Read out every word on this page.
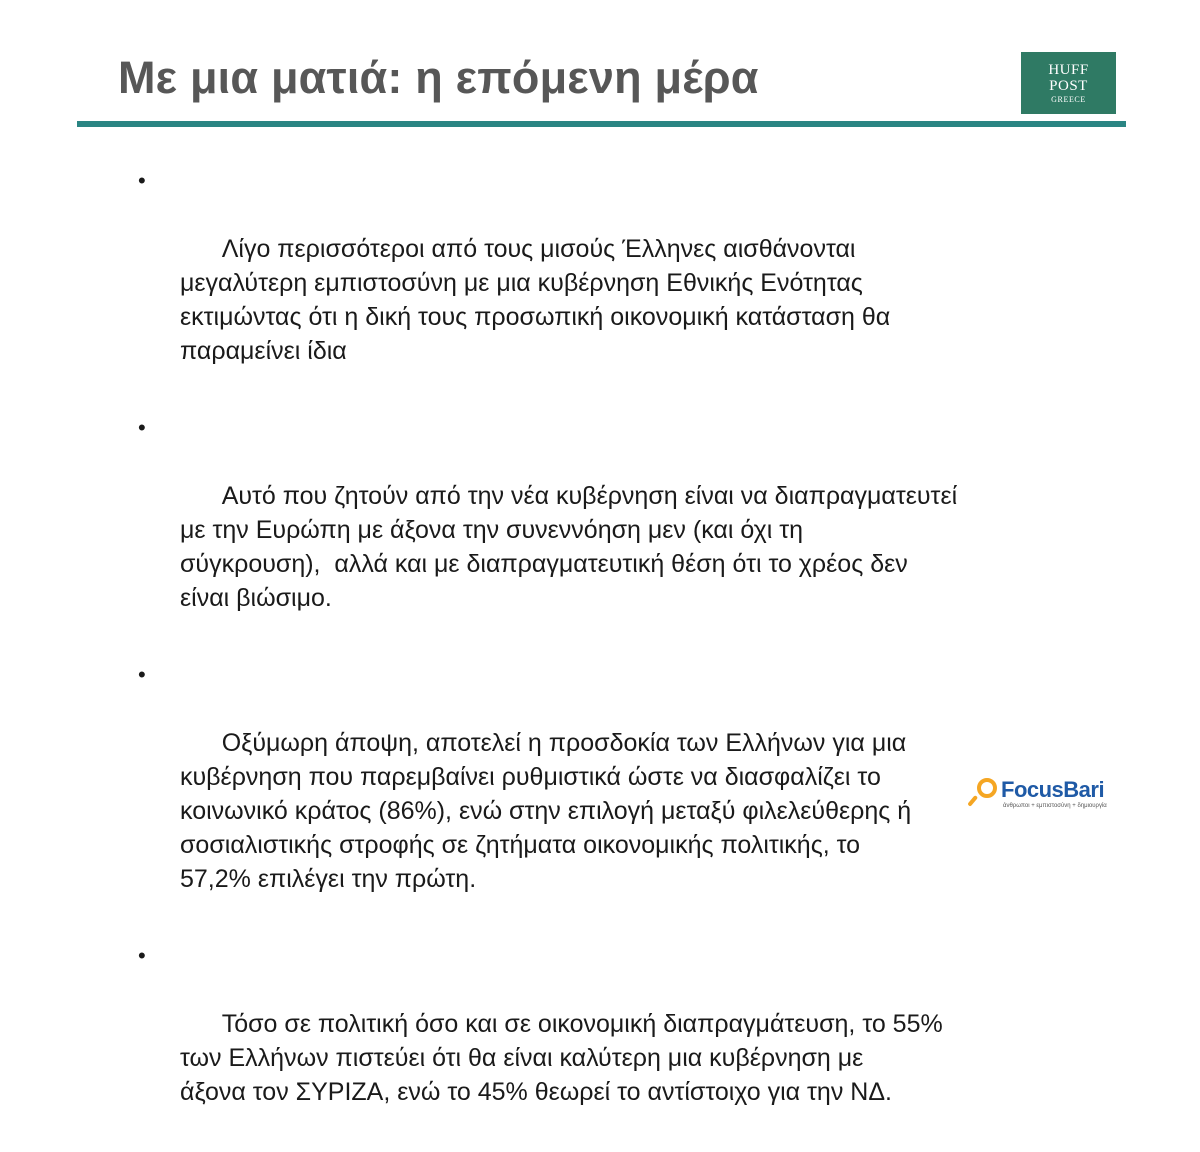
Με μια ματιά: η επόμενη μέρα	HUFF
POST
GREECE

•

Λίγο περισσότεροι από τους μισούς Έλληνες αισθάνονται
μεγαλύτερη εμπιστοσύνη με μια κυβέρνηση Εθνικής Ενότητας
εκτιμώντας ότι η δική τους προσωπική οικονομική κατάσταση θα
παραμείνει ίδια

•

Αυτό που ζητούν από την νέα κυβέρνηση είναι να διαπραγματευτεί
με την Ευρώπη με άξονα την συνεννόηση μεν (και όχι τη
σύγκρουση),  αλλά και με διαπραγματευτική θέση ότι το χρέος δεν
είναι βιώσιμο.

•

Οξύμωρη άποψη, αποτελεί η προσδοκία των Ελλήνων για μια
κυβέρνηση που παρεμβαίνει ρυθμιστικά ώστε να διασφαλίζει το
κοινωνικό κράτος (86%), ενώ στην επιλογή μεταξύ φιλελεύθερης ή
σοσιαλιστικής στροφής σε ζητήματα οικονομικής πολιτικής, το
57,2% επιλέγει την πρώτη.

•

Τόσο σε πολιτική όσο και σε οικονομική διαπραγμάτευση, το 55%
των Ελλήνων πιστεύει ότι θα είναι καλύτερη μια κυβέρνηση με
άξονα τον ΣΥΡΙΖΑ, ενώ το 45% θεωρεί το αντίστοιχο για την ΝΔ.

FocusBari
άνθρωποι + εμπιστοσύνη + δημιουργία
